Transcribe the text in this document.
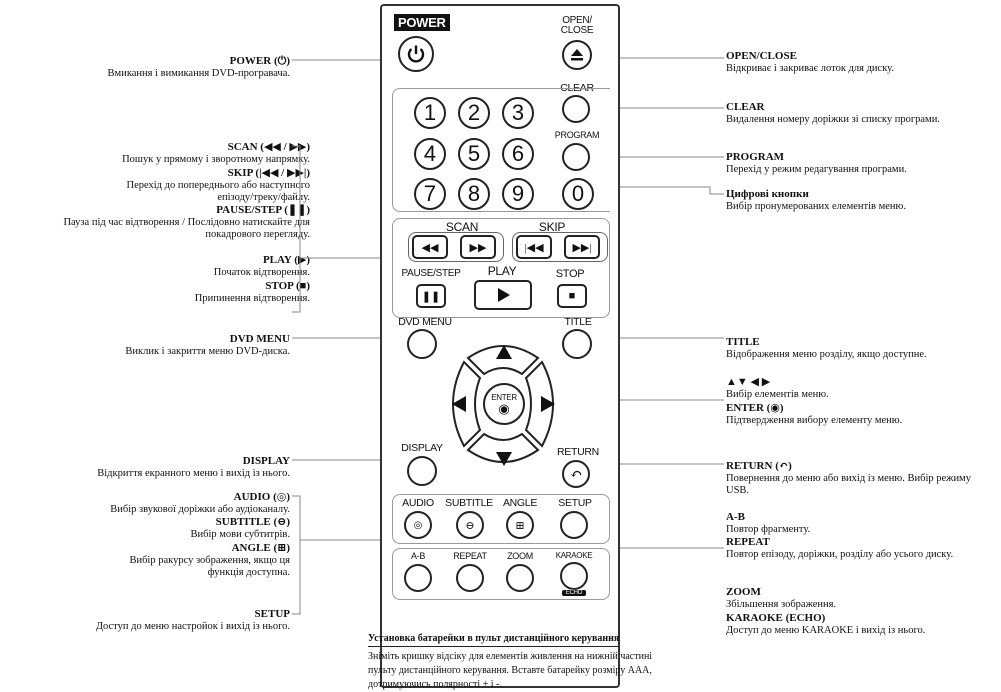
POWER (⏻)
Вмикання і вимикання DVD-програвача.
SCAN (◀◀ / ▶▶)
Пошук у прямому і зворотному напрямку.
SKIP (|◀◀ / ▶▶|)
Перехід до попереднього або наступного епізоду/треку/файлу.
PAUSE/STEP (❚❚)
Пауза під час відтворення / Послідовно натискайте для покадрового перегляду.
PLAY (▶)
Початок відтворення.
STOP (■)
Припинення відтворення.
DVD MENU
Виклик і закриття меню DVD-диска.
DISPLAY
Відкриття екранного меню і вихід із нього.
AUDIO (◎)
Вибір звукової доріжки або аудіоканалу.
SUBTITLE (⊖)
Вибір мови субтитрів.
ANGLE (⊞)
Вибір ракурсу зображення, якщо ця функція доступна.
SETUP
Доступ до меню настройок і вихід із нього.
OPEN/CLOSE
Відкриває і закриває лоток для диску.
CLEAR
Видалення номеру доріжки зі списку програми.
PROGRAM
Перехід у режим редагування програми.
Цифрові кнопки
Вибір пронумерованих елементів меню.
TITLE
Відображення меню розділу, якщо доступне.
▲▼ ◀ ▶
Вибір елементів меню.
ENTER (◉)
Підтвердження вибору елементу меню.
RETURN (↶)
Повернення до меню або вихід із меню. Вибір режиму USB.
A-B
Повтор фрагменту.
REPEAT
Повтор епізоду, доріжки, розділу або усього диску.
ZOOM
Збільшення зображення.
KARAOKE (ECHO)
Доступ до меню KARAOKE і вихід із нього.
POWER	OPEN/
CLOSE
CLEAR
1	2	3
4	5	6
7	8	9	0
PROGRAM
SCAN	SKIP
◀◀	▶▶	|◀◀	▶▶|
PAUSE/STEP	PLAY	STOP
❚❚	■
DVD MENU	TITLE
ENTER
◉
DISPLAY	RETURN
↶
AUDIO	SUBTITLE ANGLE	SETUP
◎	⊖	⊞
A-B	REPEAT	ZOOM	KARAOKE
ECHO
Установка батарейки в пульт дистанційного керування
Зніміть кришку відсіку для елементів живлення на нижній частині пульту дистанційного керування. Вставте батарейку розміру AAA, дотримуючись полярності + і -.
